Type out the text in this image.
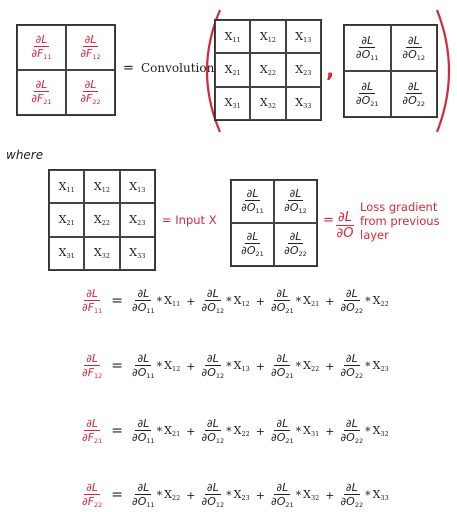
$\frac{\partial L}{\partial F_{11}}$	$\frac{\partial L}{\partial F_{12}}$
$\frac{\partial L}{\partial F_{21}}$	$\frac{\partial L}{\partial F_{22}}$
= Convolution
$X_{11}$ $X_{12}$ $X_{13}$
$X_{21}$ $X_{22}$ $X_{23}$
$X_{31}$ $X_{32}$ $X_{33}$
,
$\frac{\partial L}{\partial O_{11}} \frac{\partial L}{\partial O_{12}}$
$\frac{\partial L}{\partial O_{21}} \frac{\partial L}{\partial O_{22}}$
where
$X_{11}$ $X_{12}$ $X_{13}$
$X_{21}$ $X_{22}$ $X_{23}$
$X_{31}$ $X_{32}$ $X_{33}$
= Input X
$\frac{\partial L}{\partial O_{11}} \frac{\partial L}{\partial O_{12}}$
$\frac{\partial L}{\partial O_{21}} \frac{\partial L}{\partial O_{22}}$
= $\frac{\partial L}{\partial O}$
Loss gradient from previous layer
$\frac{\partial L}{\partial F_{11}} = \frac{\partial L}{\partial O_{11}} * X_{11} + \frac{\partial L}{\partial O_{12}} * X_{12} + \frac{\partial L}{\partial O_{21}} * X_{21} + \frac{\partial L}{\partial O_{22}} * X_{22}$
$\frac{\partial L}{\partial F_{12}} = \frac{\partial L}{\partial O_{11}} * X_{12} + \frac{\partial L}{\partial O_{12}} * X_{13} + \frac{\partial L}{\partial O_{21}} * X_{22} + \frac{\partial L}{\partial O_{22}} * X_{23}$
$\frac{\partial L}{\partial F_{21}} = \frac{\partial L}{\partial O_{11}} * X_{21} + \frac{\partial L}{\partial O_{12}} * X_{22} + \frac{\partial L}{\partial O_{21}} * X_{31} + \frac{\partial L}{\partial O_{22}} * X_{32}$
$\frac{\partial L}{\partial F_{22}} = \frac{\partial L}{\partial O_{11}} * X_{22} + \frac{\partial L}{\partial O_{12}} * X_{23} + \frac{\partial L}{\partial O_{21}} * X_{32} + \frac{\partial L}{\partial O_{22}} * X_{33}$
